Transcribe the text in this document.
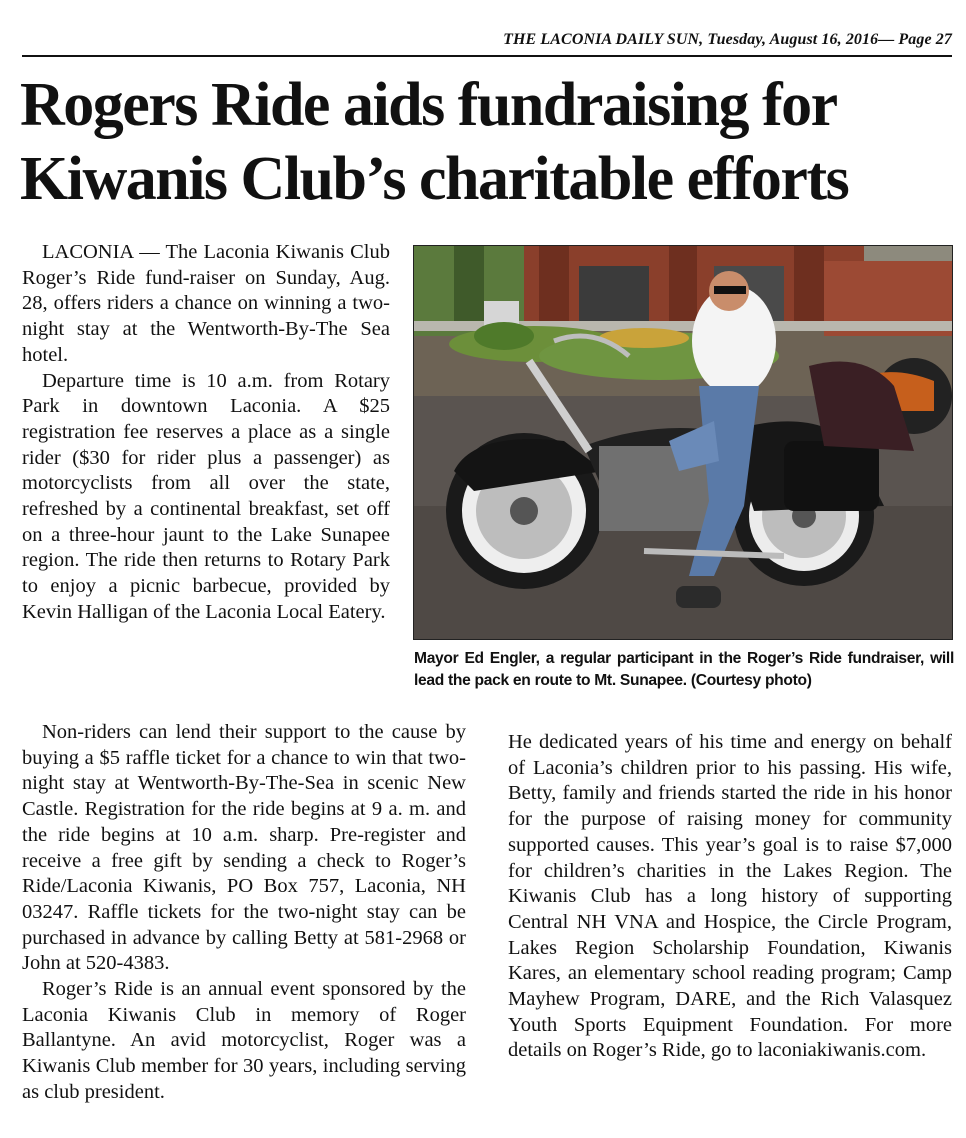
THE LACONIA DAILY SUN, Tuesday, August 16, 2016— Page 27
Rogers Ride aids fundraising for
Kiwanis Club’s charitable efforts

LACONIA — The Laconia Kiwanis Club Roger’s Ride fund-raiser on Sunday, Aug. 28, offers riders a chance on winning a two-night stay at the Wentworth-By-The Sea hotel.

Departure time is 10 a.m. from Rotary Park in downtown Laconia. A $25 registration fee reserves a place as a single rider ($30 for rider plus a passenger) as motorcyclists from all over the state, refreshed by a continental breakfast, set off on a three-hour jaunt to the Lake Sunapee region. The ride then returns to Rotary Park to enjoy a picnic barbecue, provided by Kevin Halligan of the Laconia Local Eatery.

Mayor Ed Engler, a regular participant in the Roger’s Ride fundraiser, will lead the pack en route to Mt. Sunapee. (Courtesy photo)

Non-riders can lend their support to the cause by buying a $5 raffle ticket for a chance to win that two-night stay at Wentworth-By-The-Sea in scenic New Castle. Registration for the ride begins at 9 a. m. and the ride begins at 10 a.m. sharp. Pre-register and receive a free gift by sending a check to Roger’s Ride/Laconia Kiwanis, PO Box 757, Laconia, NH 03247. Raffle tickets for the two-night stay can be purchased in advance by calling Betty at 581-2968 or John at 520-4383.

Roger’s Ride is an annual event sponsored by the Laconia Kiwanis Club in memory of Roger Ballantyne. An avid motorcyclist, Roger was a Kiwanis Club member for 30 years, including serving as club president.

He dedicated years of his time and energy on behalf of Laconia’s children prior to his passing. His wife, Betty, family and friends started the ride in his honor for the purpose of raising money for community supported causes. This year’s goal is to raise $7,000 for children’s charities in the Lakes Region. The Kiwanis Club has a long history of supporting Central NH VNA and Hospice, the Circle Program, Lakes Region Scholarship Foundation, Kiwanis Kares, an elementary school reading program; Camp Mayhew Program, DARE, and the Rich Valasquez Youth Sports Equipment Foundation. For more details on Roger’s Ride, go to laconiakiwanis.com.
